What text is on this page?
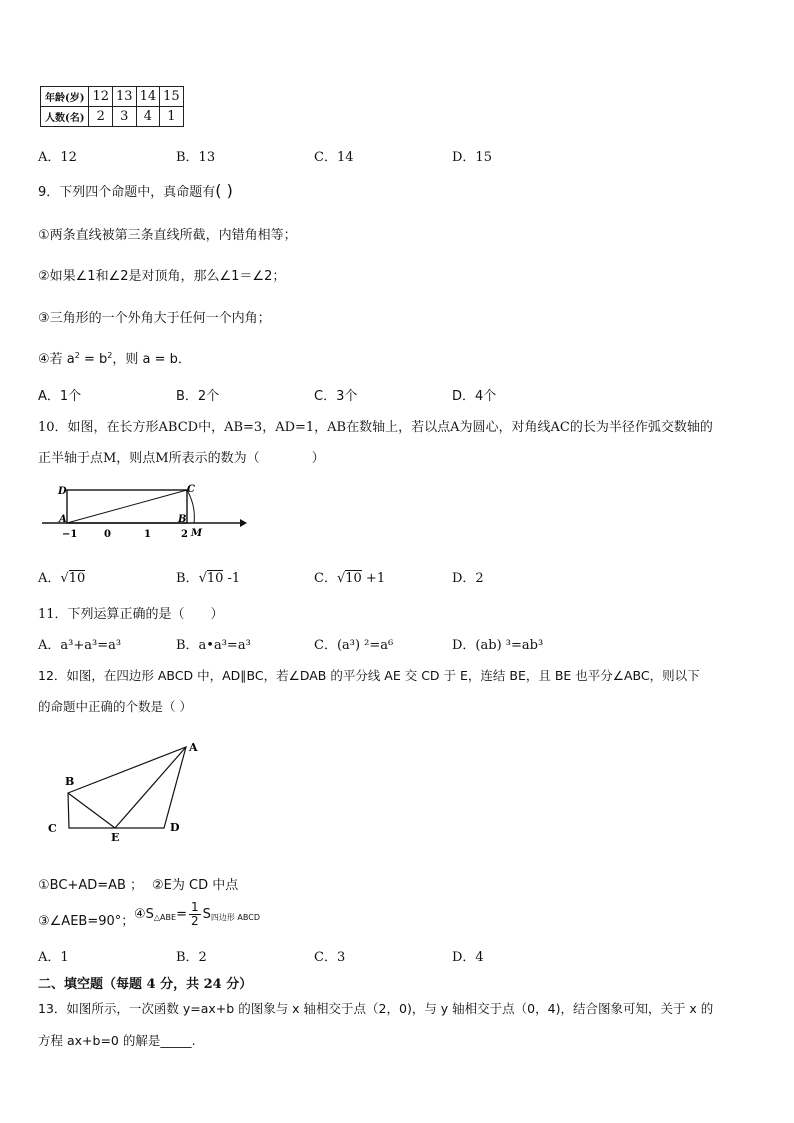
年龄(岁)	12	13	14	15
人数(名)	2	3	4	1
A．12	B．13	C．14	D．15
9．下列四个命题中，真命题有( )
①两条直线被第三条直线所截，内错角相等；
②如果∠1和∠2是对顶角，那么∠1＝∠2；
③三角形的一个外角大于任何一个内角；
④若 $a^2 = b^2$，则 a = b．
A．1个	B．2个	C．3个	D．4个
10．如图，在长方形ABCD中，AB=3，AD=1，AB在数轴上，若以点A为圆心，对角线AC的长为半径作弧交数轴的
正半轴于点M，则点M所表示的数为（　　　　）
D	C
A	B
M
−1	0	1	2
A．√10	B．√10 -1	C．√10 +1	D．2
11．下列运算正确的是（　　）
A．a³+a³=a³	B．a•a³=a³	C．(a³) ²=a⁶	D．(ab) ³=ab³
12．如图，在四边形 ABCD 中，AD∥BC，若∠DAB 的平分线 AE 交 CD 于 E，连结 BE，且 BE 也平分∠ABC，则以下
的命题中正确的个数是（ ）
A
B
C	D
E
①BC+AD=AB ； ②E为 CD 中点
③∠AEB=90°； $④S_{\triangle ABE}= \frac{1}{2} S_{四边形 ABCD}$
A．1	B．2	C．3	D．4
二、填空题（每题 4 分，共 24 分）
13．如图所示，一次函数 y=ax+b 的图象与 x 轴相交于点（2，0)，与 y 轴相交于点（0，4)，结合图象可知，关于 x 的
方程 ax+b=0 的解是_____.
